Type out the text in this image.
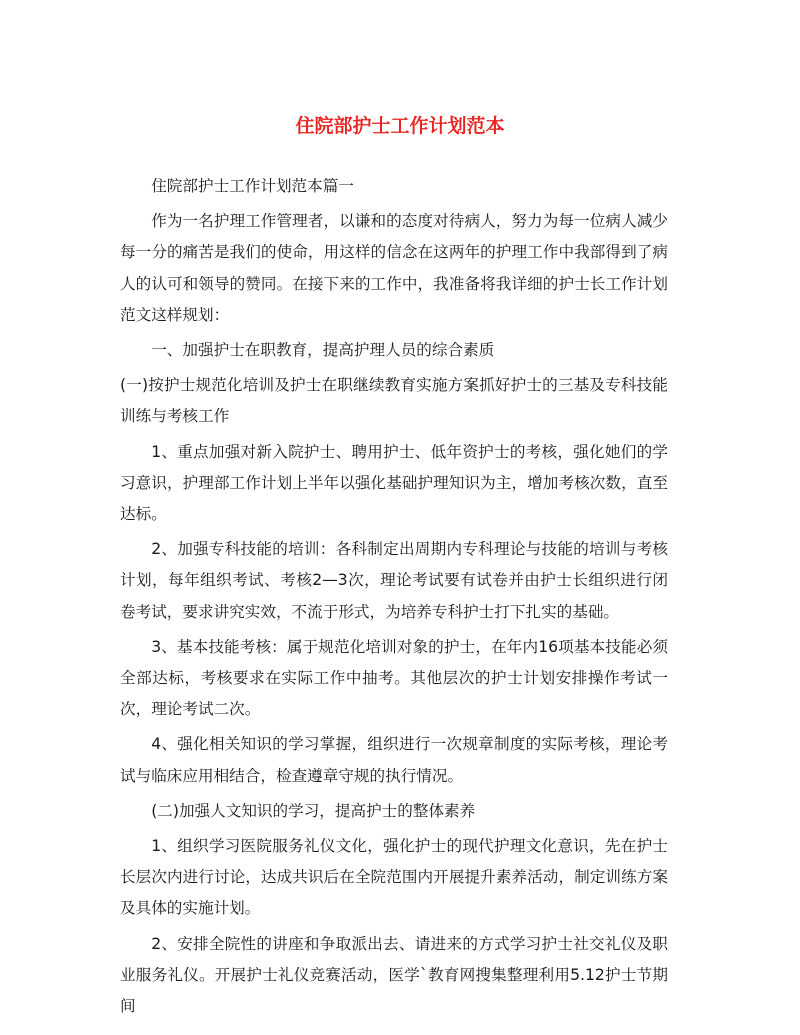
住院部护士工作计划范本

住院部护士工作计划范本篇一

作为一名护理工作管理者，以谦和的态度对待病人，努力为每一位病人减少每一分的痛苦是我们的使命，用这样的信念在这两年的护理工作中我部得到了病人的认可和领导的赞同。在接下来的工作中，我准备将我详细的护士长工作计划范文这样规划：

一、加强护士在职教育，提高护理人员的综合素质

(一)按护士规范化培训及护士在职继续教育实施方案抓好护士的三基及专科技能训练与考核工作

1、重点加强对新入院护士、聘用护士、低年资护士的考核，强化她们的学习意识，护理部工作计划上半年以强化基础护理知识为主，增加考核次数，直至达标。

2、加强专科技能的培训：各科制定出周期内专科理论与技能的培训与考核计划，每年组织考试、考核2—3次，理论考试要有试卷并由护士长组织进行闭卷考试，要求讲究实效，不流于形式，为培养专科护士打下扎实的基础。

3、基本技能考核：属于规范化培训对象的护士，在年内16项基本技能必须全部达标，考核要求在实际工作中抽考。其他层次的护士计划安排操作考试一次，理论考试二次。

4、强化相关知识的学习掌握，组织进行一次规章制度的实际考核，理论考试与临床应用相结合，检查遵章守规的执行情况。

(二)加强人文知识的学习，提高护士的整体素养

1、组织学习医院服务礼仪文化，强化护士的现代护理文化意识，先在护士长层次内进行讨论，达成共识后在全院范围内开展提升素养活动，制定训练方案及具体的实施计划。

2、安排全院性的讲座和争取派出去、请进来的方式学习护士社交礼仪及职业服务礼仪。开展护士礼仪竞赛活动，医学`教育网搜集整理利用5.12护士节期间
